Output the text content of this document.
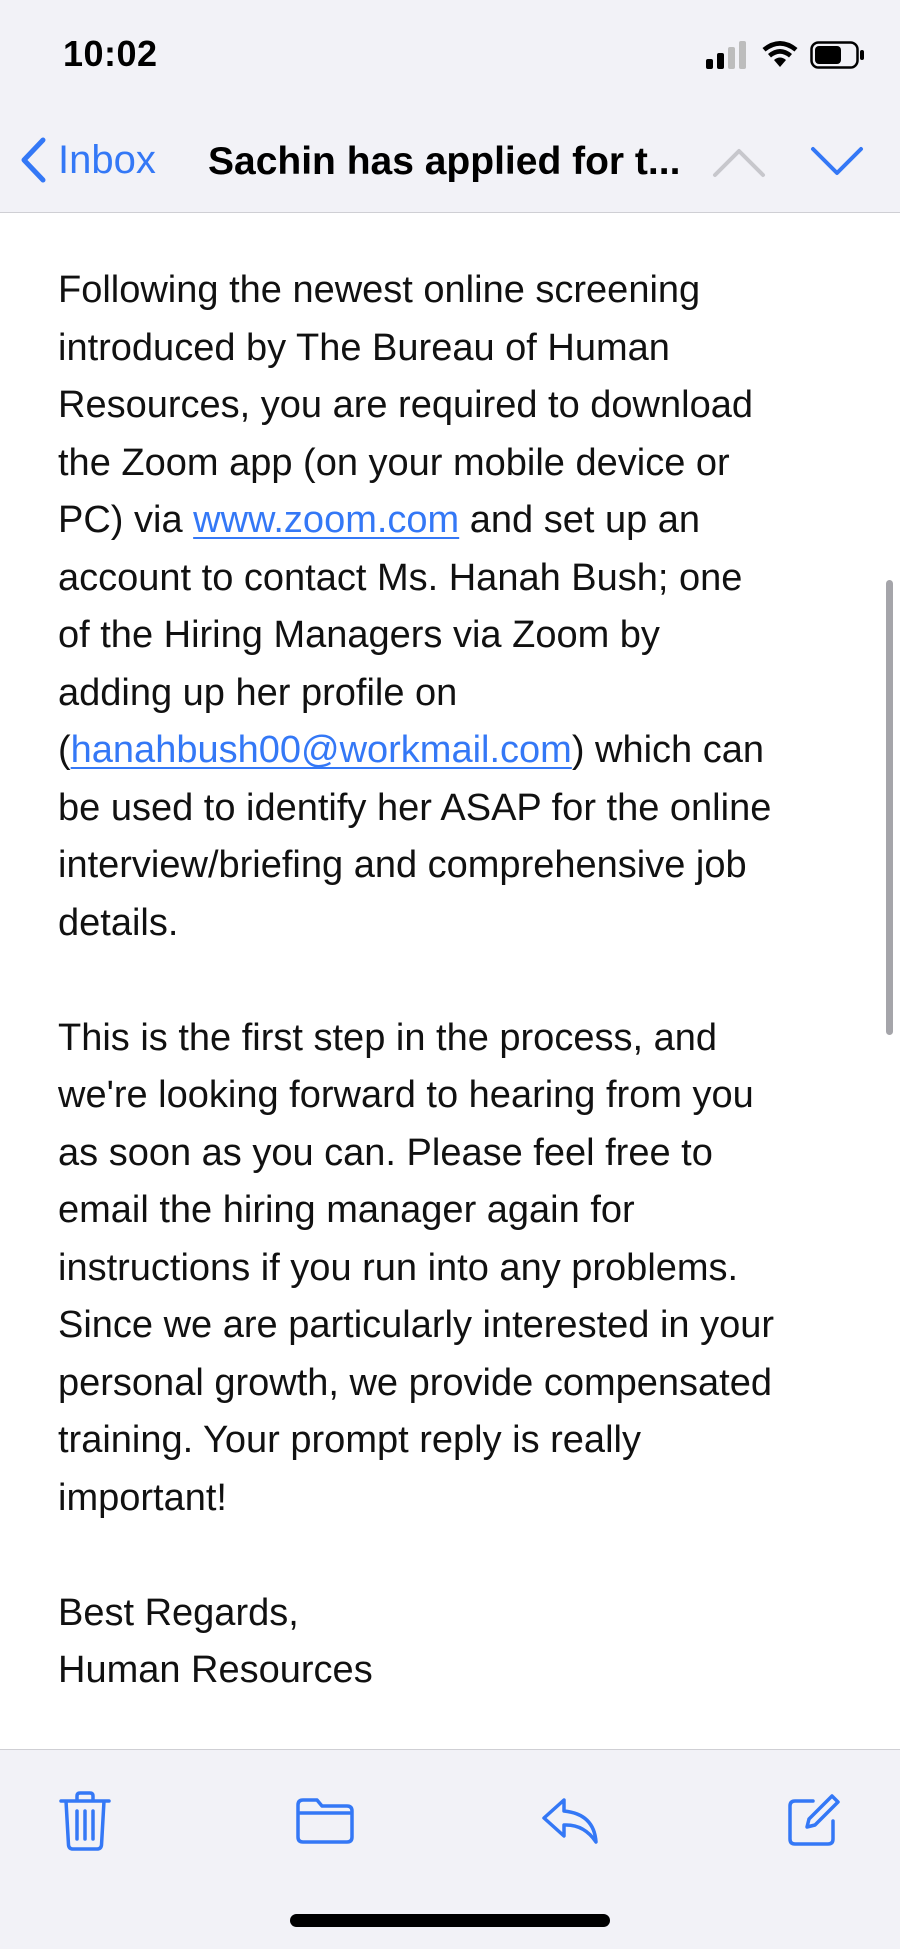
10:02
Inbox Sachin has applied for t...

Following the newest online screening
introduced by The Bureau of Human
Resources, you are required to download
the Zoom app (on your mobile device or
PC) via www.zoom.com and set up an
account to contact Ms. Hanah Bush; one
of the Hiring Managers via Zoom by
adding up her profile on
(hanahbush00@workmail.com) which can
be used to identify her ASAP for the online
interview/briefing and comprehensive job
details.

This is the first step in the process, and
we're looking forward to hearing from you
as soon as you can. Please feel free to
email the hiring manager again for
instructions if you run into any problems.
Since we are particularly interested in your
personal growth, we provide compensated
training. Your prompt reply is really
important!

Best Regards,
Human Resources
